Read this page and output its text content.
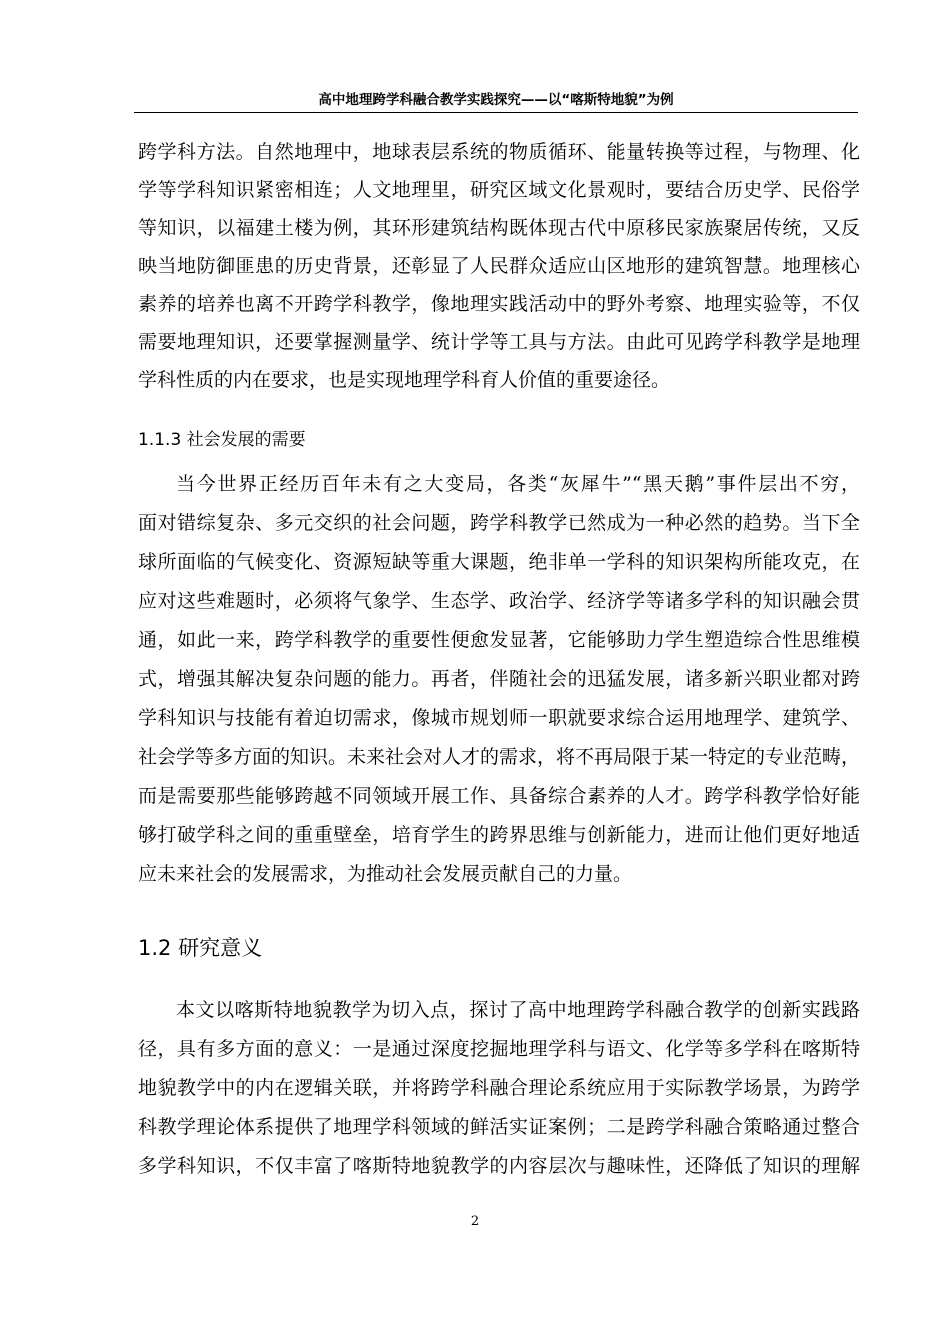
高中地理跨学科融合教学实践探究——以“喀斯特地貌”为例
跨学科方法。自然地理中，地球表层系统的物质循环、能量转换等过程，与物理、化
学等学科知识紧密相连；人文地理里，研究区域文化景观时，要结合历史学、民俗学
等知识，以福建土楼为例，其环形建筑结构既体现古代中原移民家族聚居传统，又反
映当地防御匪患的历史背景，还彰显了人民群众适应山区地形的建筑智慧。地理核心
素养的培养也离不开跨学科教学，像地理实践活动中的野外考察、地理实验等，不仅
需要地理知识，还要掌握测量学、统计学等工具与方法。由此可见跨学科教学是地理
学科性质的内在要求，也是实现地理学科育人价值的重要途径。
1.1.3 社会发展的需要
当今世界正经历百年未有之大变局，各类“灰犀牛”“黑天鹅”事件层出不穷，
面对错综复杂、多元交织的社会问题，跨学科教学已然成为一种必然的趋势。当下全
球所面临的气候变化、资源短缺等重大课题，绝非单一学科的知识架构所能攻克，在
应对这些难题时，必须将气象学、生态学、政治学、经济学等诸多学科的知识融会贯
通，如此一来，跨学科教学的重要性便愈发显著，它能够助力学生塑造综合性思维模
式，增强其解决复杂问题的能力。再者，伴随社会的迅猛发展，诸多新兴职业都对跨
学科知识与技能有着迫切需求，像城市规划师一职就要求综合运用地理学、建筑学、
社会学等多方面的知识。未来社会对人才的需求，将不再局限于某一特定的专业范畴，
而是需要那些能够跨越不同领域开展工作、具备综合素养的人才。跨学科教学恰好能
够打破学科之间的重重壁垒，培育学生的跨界思维与创新能力，进而让他们更好地适
应未来社会的发展需求，为推动社会发展贡献自己的力量。
1.2 研究意义
本文以喀斯特地貌教学为切入点，探讨了高中地理跨学科融合教学的创新实践路
径，具有多方面的意义：一是通过深度挖掘地理学科与语文、化学等多学科在喀斯特
地貌教学中的内在逻辑关联，并将跨学科融合理论系统应用于实际教学场景，为跨学
科教学理论体系提供了地理学科领域的鲜活实证案例；二是跨学科融合策略通过整合
多学科知识，不仅丰富了喀斯特地貌教学的内容层次与趣味性，还降低了知识的理解
2
